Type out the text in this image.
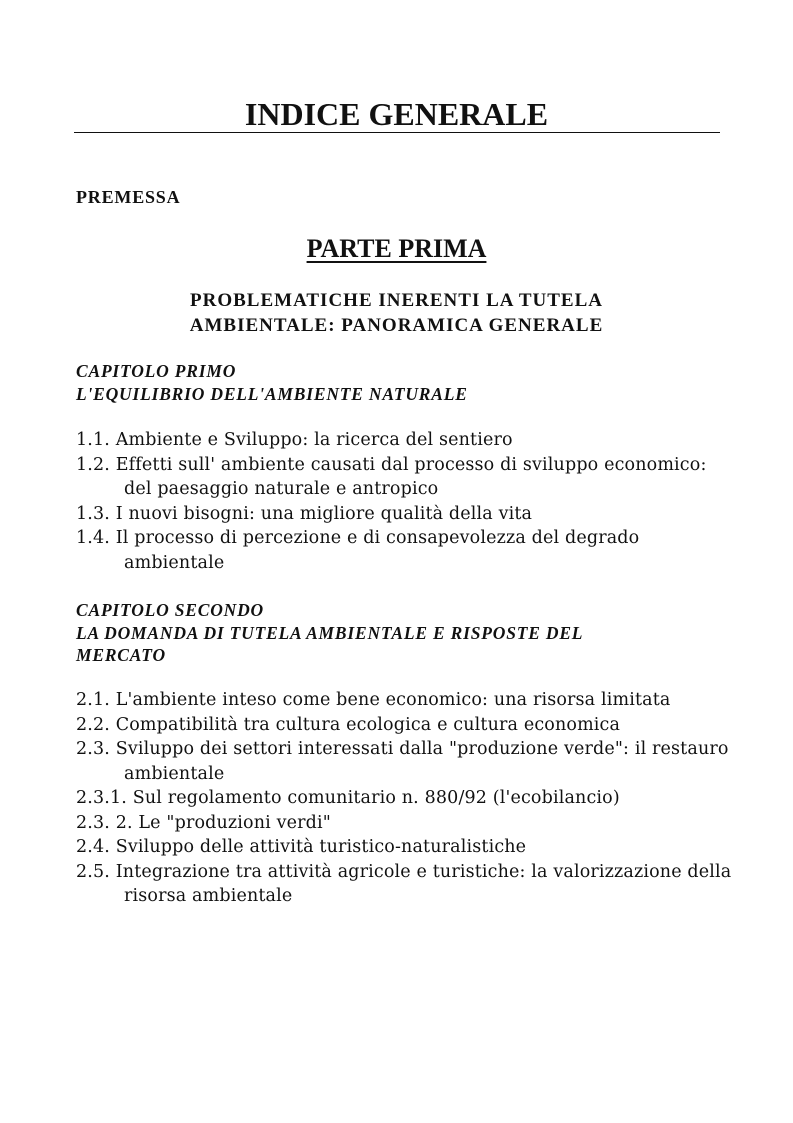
INDICE GENERALE

PREMESSA

PARTE PRIMA
PROBLEMATICHE INERENTI LA TUTELA
AMBIENTALE: PANORAMICA GENERALE
CAPITOLO PRIMO
L'EQUILIBRIO DELL'AMBIENTE NATURALE
1.1. Ambiente e Sviluppo: la ricerca del sentiero
1.2. Effetti sull' ambiente causati dal processo di sviluppo economico: del paesaggio naturale e antropico
1.3. I nuovi bisogni: una migliore qualità della vita
1.4. Il processo di percezione e di consapevolezza del degrado ambientale
CAPITOLO SECONDO
LA DOMANDA DI TUTELA AMBIENTALE E RISPOSTE DEL
MERCATO
2.1. L'ambiente inteso come bene economico: una risorsa limitata
2.2. Compatibilità tra cultura ecologica e cultura economica
2.3. Sviluppo dei settori interessati dalla "produzione verde": il restauro ambientale
2.3.1. Sul regolamento comunitario n. 880/92 (l'ecobilancio)
2.3. 2. Le "produzioni verdi"
2.4. Sviluppo delle attività turistico-naturalistiche
2.5. Integrazione tra attività agricole e turistiche: la valorizzazione della risorsa ambientale
